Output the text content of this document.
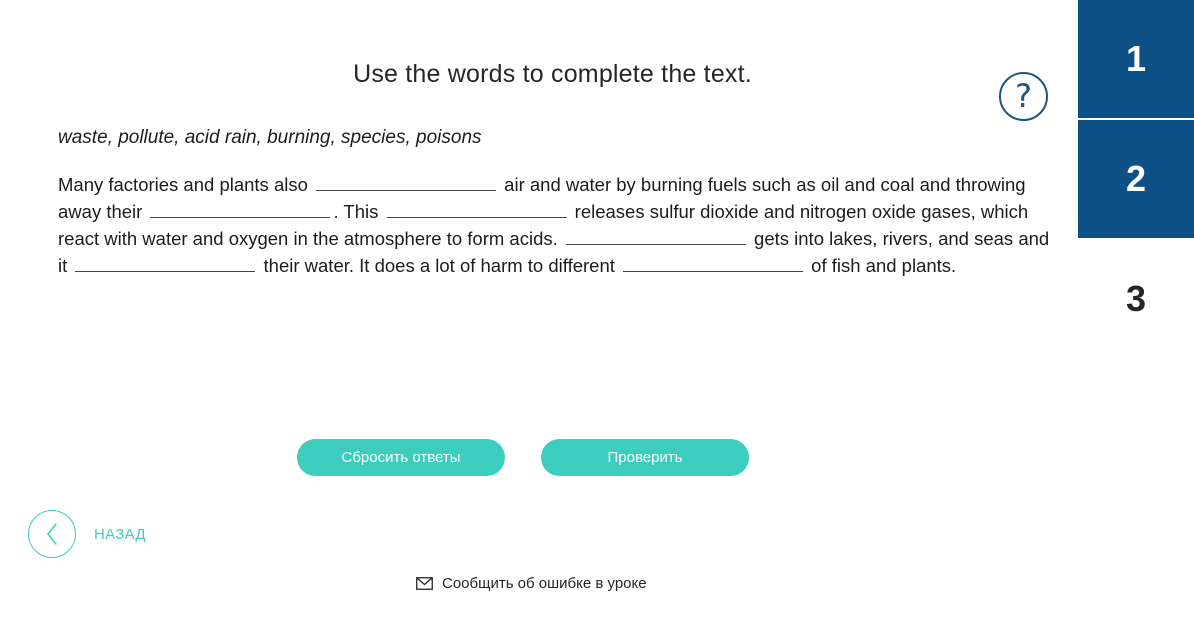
Use the words to complete the text.
?
waste, pollute, acid rain, burning, species, poisons
Many factories and plants also	air and water by burning fuels such as oil and coal and throwing away their	. This	releases sulfur dioxide and nitrogen oxide gases, which react with water and oxygen in the atmosphere to form acids.	gets into lakes, rivers, and seas and it	their water. It does a lot of harm to different	of fish and plants.
Сбросить ответы	Проверить
НАЗАД
Сообщить об ошибке в уроке
1
2
3
